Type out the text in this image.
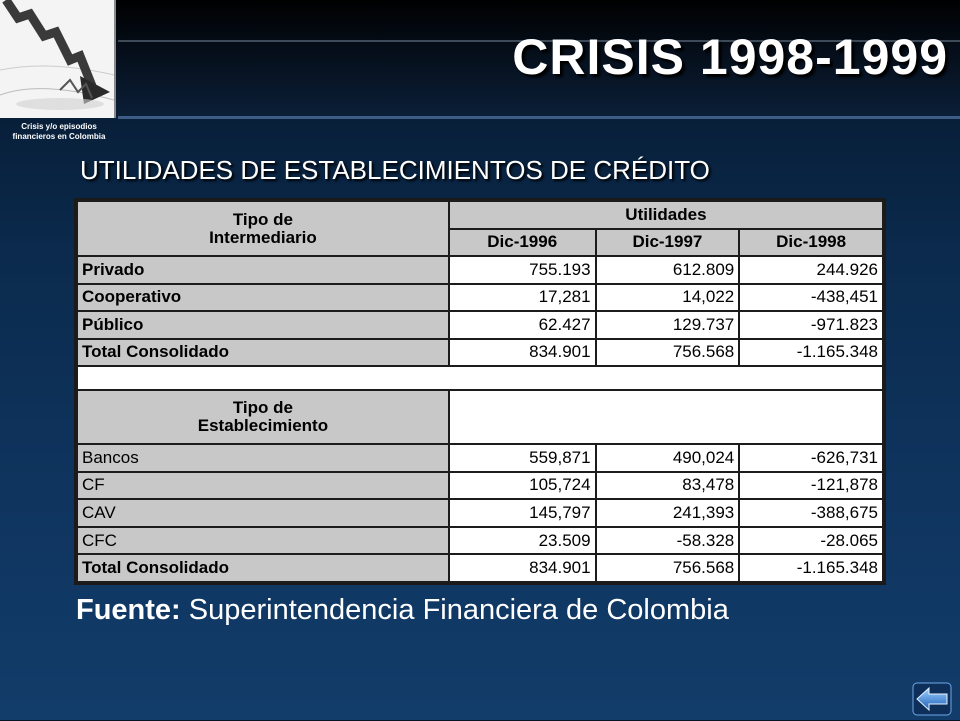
Crisis y/o episodios
financieros en Colombia
CRISIS 1998-1999
UTILIDADES DE ESTABLECIMIENTOS DE CRÉDITO
Tipo de
Intermediario	Utilidades		
	Dic-1996	Dic-1997	Dic-1998
Privado	755.193	612.809	244.926
Cooperativo	17,281	14,022	-438,451
Público	62.427	129.737	-971.823
Total Consolidado	834.901	756.568	-1.165.348

Tipo de
Establecimiento			

Bancos	559,871	490,024	-626,731
CF	105,724	83,478	-121,878
CAV	145,797	241,393	-388,675
CFC	23.509	-58.328	-28.065
Total Consolidado	834.901	756.568	-1.165.348
Fuente: Superintendencia Financiera de Colombia
